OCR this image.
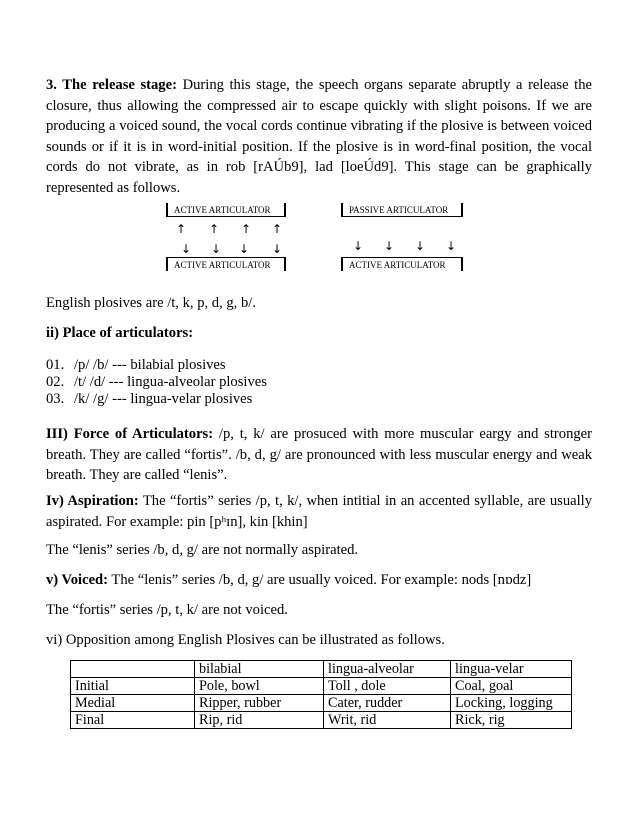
3. The release stage: During this stage, the speech organs separate abruptly a release the closure, thus allowing the compressed air to escape quickly with slight poisons. If we are producing a voiced sound, the vocal cords continue vibrating if the plosive is between voiced sounds or if it is in word-initial position. If the plosive is in word-final position, the vocal cords do not vibrate, as in rob [rAÚb9], lad [loeÚd9]. This stage can be graphically represented as follows.

ACTIVE ARTICULATOR
↑ ↑ ↑ ↑
↓ ↓ ↓ ↓
ACTIVE ARTICULATOR
PASSIVE ARTICULATOR
↓ ↓ ↓ ↓
ACTIVE ARTICULATOR

English plosives are /t, k, p, d, g, b/.

ii) Place of articulators:

01. /p/ /b/ --- bilabial plosives

02. /t/ /d/ --- lingua-alveolar plosives

03. /k/ /g/ --- lingua-velar plosives

III) Force of Articulators: /p, t, k/ are prosuced with more muscular eargy and stronger breath. They are called “fortis”. /b, d, g/ are pronounced with less muscular energy and weak breath. They are called “lenis”.

Iv) Aspiration: The “fortis” series /p, t, k/, when intitial in an accented syllable, are usually aspirated. For example: pin [pʰɪn], kin [khin]

The “lenis” series /b, d, g/ are not normally aspirated.

v) Voiced: The “lenis” series /b, d, g/ are usually voiced. For example: nods [nɒdz]

The “fortis” series /p, t, k/ are not voiced.

vi) Opposition among English Plosives can be illustrated as follows.

	bilabial	lingua-alveolar	lingua-velar
Initial	Pole, bowl	Toll , dole	Coal, goal
Medial	Ripper, rubber	Cater, rudder	Locking, logging
Final	Rip, rid	Writ, rid	Rick, rig
